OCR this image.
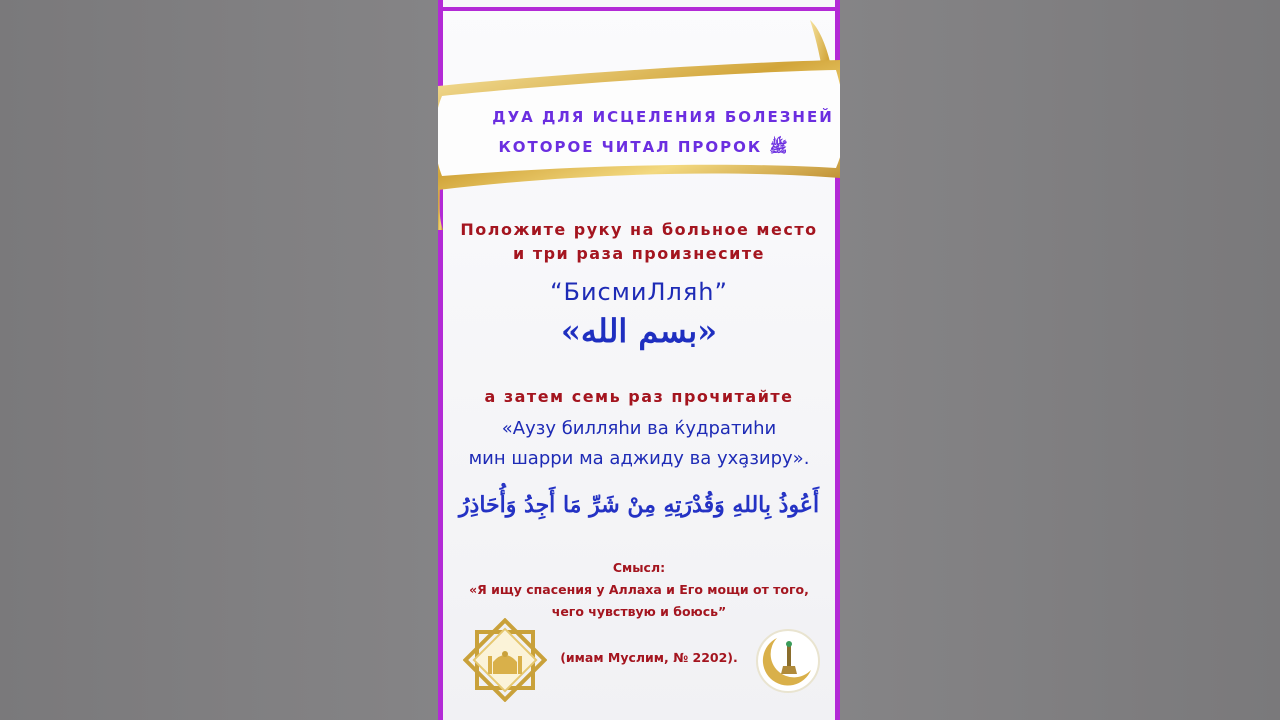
ДУА ДЛЯ ИСЦЕЛЕНИЯ БОЛЕЗНЕЙ
КОТОРОЕ ЧИТАЛ ПРОРОК ﷺ
Положите руку на больное место
и три раза произнесите
“БисмиЛляһ”
«بسم الله»
а затем семь раз прочитайте
«Аузу билляһи ва ќудратиһи
мин шарри ма аджиду ва уха̧зиру».
أَعُوذُ بِاللهِ وَقُدْرَتِهِ مِنْ شَرِّ مَا أَجِدُ وَأُحَاذِرُ
Смысл:
«Я ищу спасения у Аллаха и Его мощи от того,
чего чувствую и боюсь”
(имам Муслим, № 2202).
